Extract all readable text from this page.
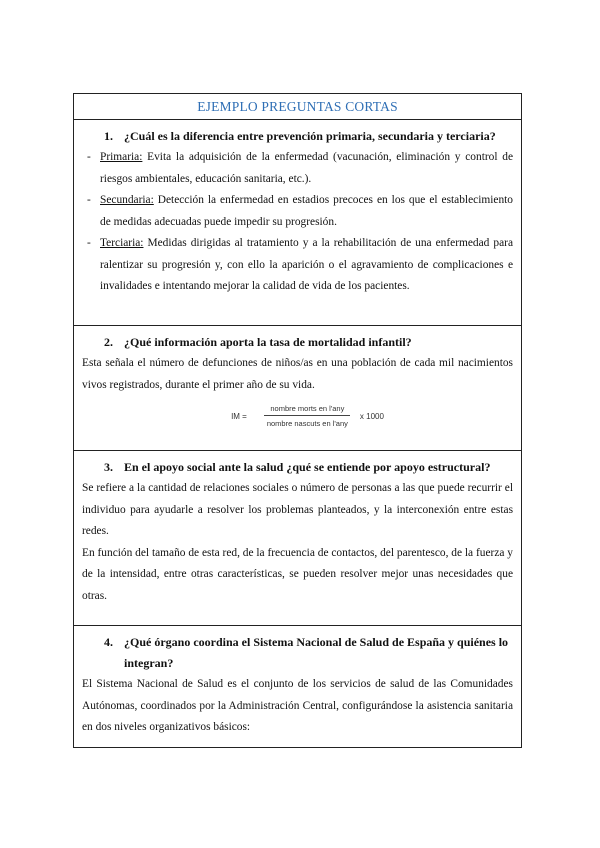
EJEMPLO PREGUNTAS CORTAS
1. ¿Cuál es la diferencia entre prevención primaria, secundaria y terciaria?
- Primaria: Evita la adquisición de la enfermedad (vacunación, eliminación y control de riesgos ambientales, educación sanitaria, etc.).
- Secundaria: Detección la enfermedad en estadios precoces en los que el establecimiento de medidas adecuadas puede impedir su progresión.
- Terciaria: Medidas dirigidas al tratamiento y a la rehabilitación de una enfermedad para ralentizar su progresión y, con ello la aparición o el agravamiento de complicaciones e invalidades e intentando mejorar la calidad de vida de los pacientes.
2. ¿Qué información aporta la tasa de mortalidad infantil?

Esta señala el número de defunciones de niños/as en una población de cada mil nacimientos vivos registrados, durante el primer año de su vida.

IM = $\frac{\text{nombre morts en l'any}}{\text{nombre nascuts en l'any}}$ x 1000
3. En el apoyo social ante la salud ¿qué se entiende por apoyo estructural?

Se refiere a la cantidad de relaciones sociales o número de personas a las que puede recurrir el individuo para ayudarle a resolver los problemas planteados, y la interconexión entre estas redes.

En función del tamaño de esta red, de la frecuencia de contactos, del parentesco, de la fuerza y de la intensidad, entre otras características, se pueden resolver mejor unas necesidades que otras.

4. ¿Qué órgano coordina el Sistema Nacional de Salud de España y quiénes lo integran?

El Sistema Nacional de Salud es el conjunto de los servicios de salud de las Comunidades Autónomas, coordinados por la Administración Central, configurándose la asistencia sanitaria en dos niveles organizativos básicos:
